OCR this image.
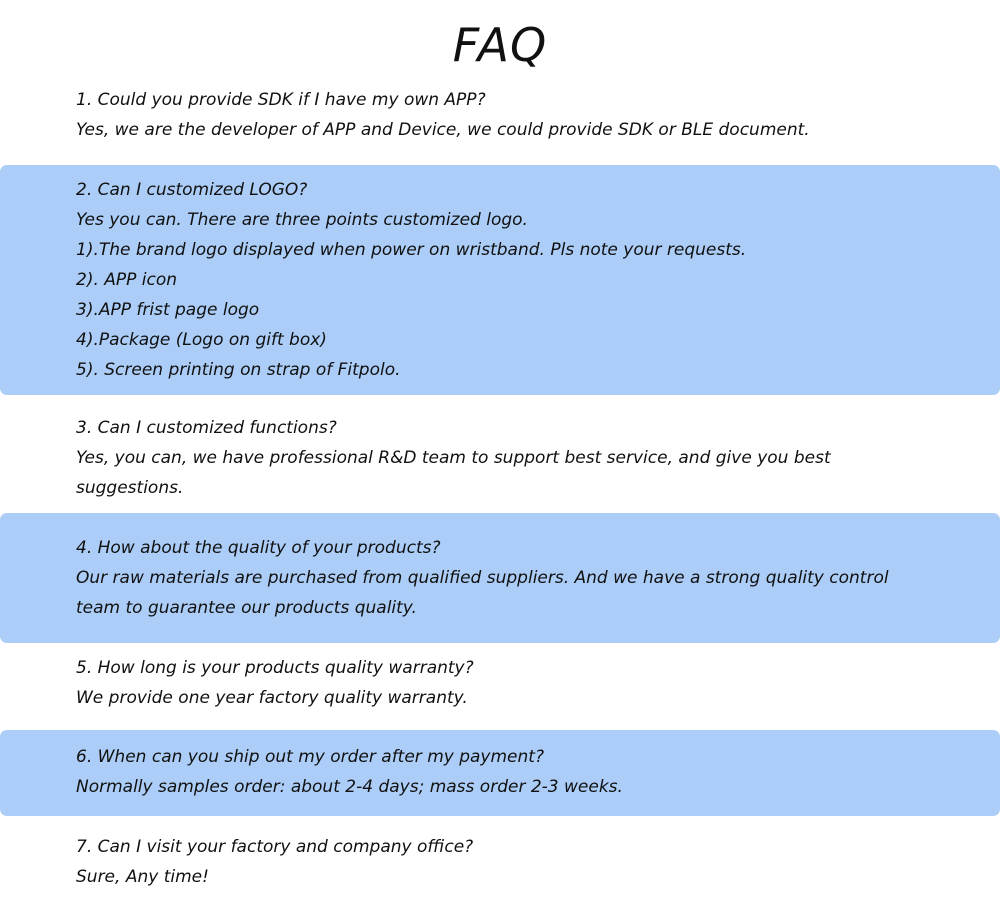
FAQ
1. Could you provide SDK if I have my own APP?
Yes, we are the developer of APP and Device, we could provide SDK or BLE document.
2. Can I customized LOGO?
Yes you can. There are three points customized logo.
1).The brand logo displayed when power on wristband. Pls note your requests.
2). APP icon
3).APP frist page logo
4).Package (Logo on gift box)
5). Screen printing on strap of Fitpolo.
3. Can I customized functions?
Yes, you can, we have professional R&D team to support best service, and give you best
suggestions.
4. How about the quality of your products?
Our raw materials are purchased from qualified suppliers. And we have a strong quality control
team to guarantee our products quality.
5. How long is your products quality warranty?
We provide one year factory quality warranty.
6. When can you ship out my order after my payment?
Normally samples order: about 2-4 days; mass order 2-3 weeks.
7. Can I visit your factory and company office?
Sure, Any time!
